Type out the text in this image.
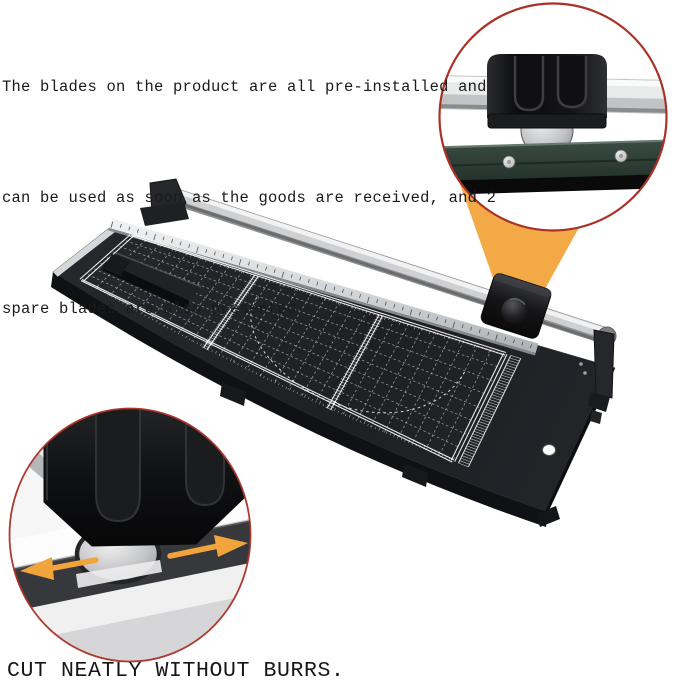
The blades on the product are all pre-installed and

can be used as soon as the goods are received, and 2

spare blades are also presented.

CUT NEATLY WITHOUT BURRS.
